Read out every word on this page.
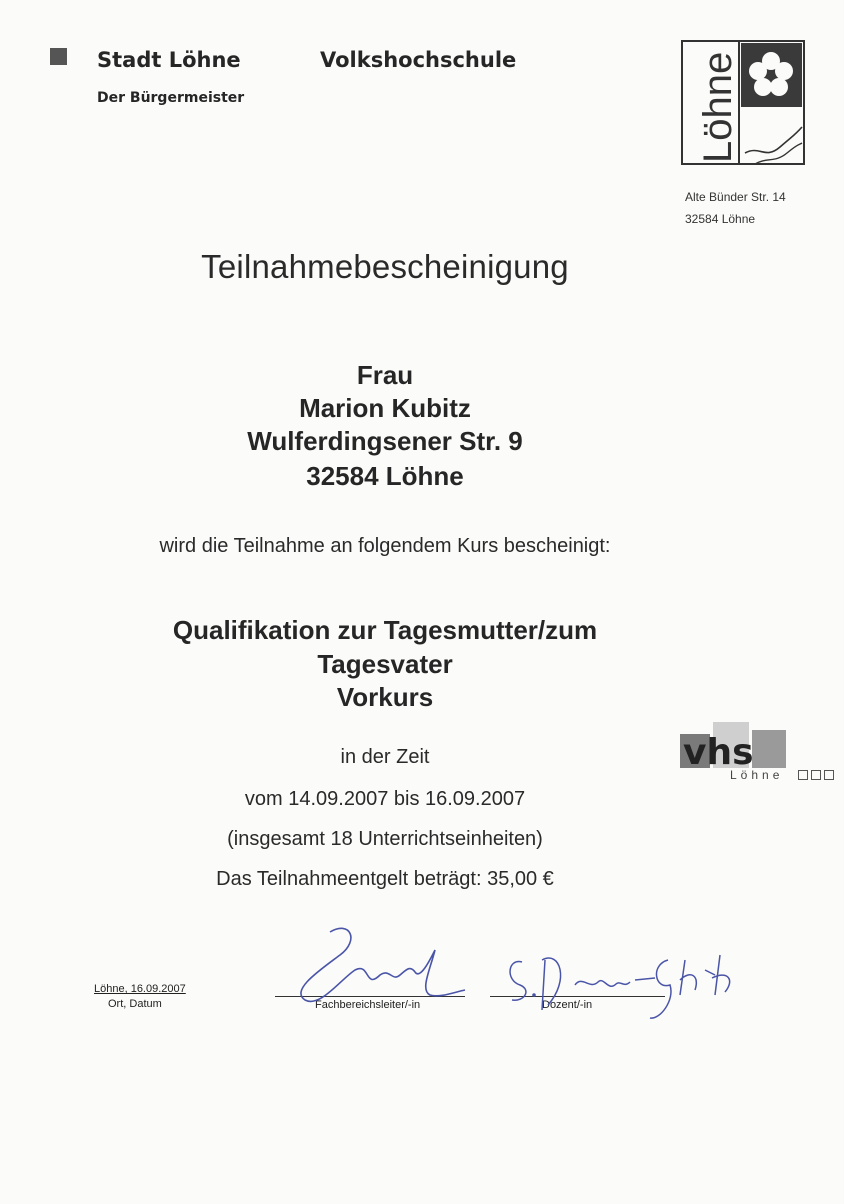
Stadt Löhne	Volkshochschule
Der Bürgermeister	Löhne
Alte Bünder Str. 14
32584 Löhne
Teilnahmebescheinigung
Frau
Marion Kubitz
Wulferdingsener Str. 9
32584 Löhne
wird die Teilnahme an folgendem Kurs bescheinigt:
Qualifikation zur Tagesmutter/zum
Tagesvater
Vorkurs
in der Zeit
vom 14.09.2007 bis 16.09.2007
(insgesamt 18 Unterrichtseinheiten)
Das Teilnahmeentgelt beträgt: 35,00 €
vhs
Löhne
Löhne, 16.09.2007
Ort, Datum	Fachbereichsleiter/-in	Dozent/-in
